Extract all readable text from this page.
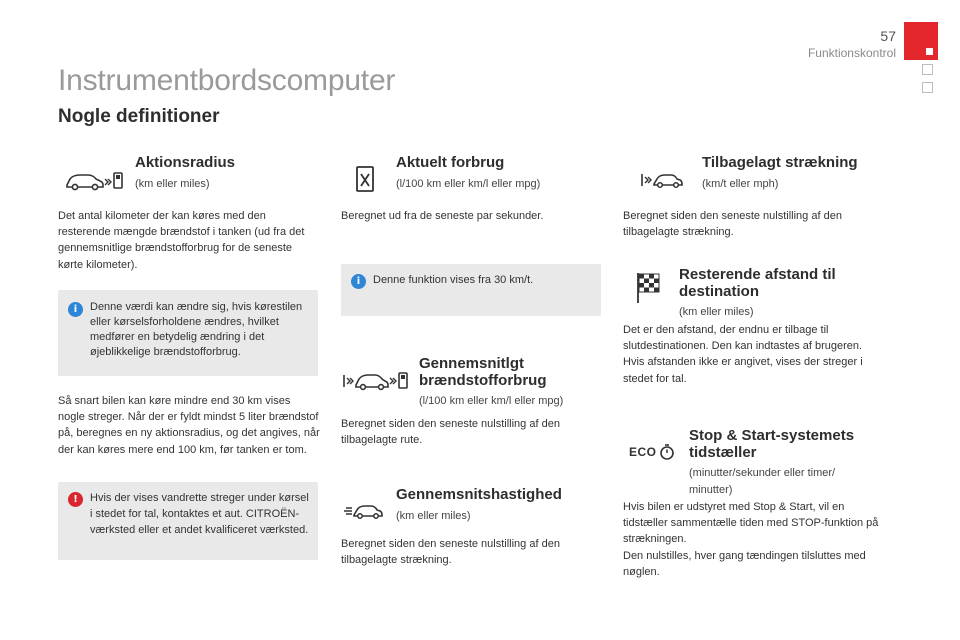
57
Funktionskontrol
Instrumentbordscomputer
Nogle definitioner
Aktionsradius
(km eller miles)
Det antal kilometer der kan køres med den resterende mængde brændstof i tanken (ud fra det gennemsnitlige brændstofforbrug for de seneste kørte kilometer).
i	Denne værdi kan ændre sig, hvis kørestilen eller kørselsforholdene ændres, hvilket medfører en betydelig ændring i det øjeblikkelige brændstofforbrug.
Så snart bilen kan køre mindre end 30 km vises nogle streger. Når der er fyldt mindst 5 liter brændstof på, beregnes en ny aktionsradius, og det angives, når der kan køres mere end 100 km, før tanken er tom.
!	Hvis der vises vandrette streger under kørsel i stedet for tal, kontaktes et aut. CITROËN-værksted eller et andet kvalificeret værksted.
Aktuelt forbrug
(l/100 km eller km/l eller mpg)
Beregnet ud fra de seneste par sekunder.
i	Denne funktion vises fra 30 km/t.
Gennemsnitlgt
brændstofforbrug
(l/100 km eller km/l eller mpg)
Beregnet siden den seneste nulstilling af den tilbagelagte rute.
Gennemsnitshastighed
(km eller miles)
Beregnet siden den seneste nulstilling af den tilbagelagte strækning.
Tilbagelagt strækning
(km/t eller mph)
Beregnet siden den seneste nulstilling af den tilbagelagte strækning.
Resterende afstand til
destination
(km eller miles)
Det er den afstand, der endnu er tilbage til slutdestinationen. Den kan indtastes af brugeren.
Hvis afstanden ikke er angivet, vises der streger i stedet for tal.
ECO
Stop & Start-systemets
tidstæller
(minutter/sekunder eller timer/ minutter)
Hvis bilen er udstyret med Stop & Start, vil en tidstæller sammentælle tiden med STOP-funktion på strækningen.
Den nulstilles, hver gang tændingen tilsluttes med nøglen.
